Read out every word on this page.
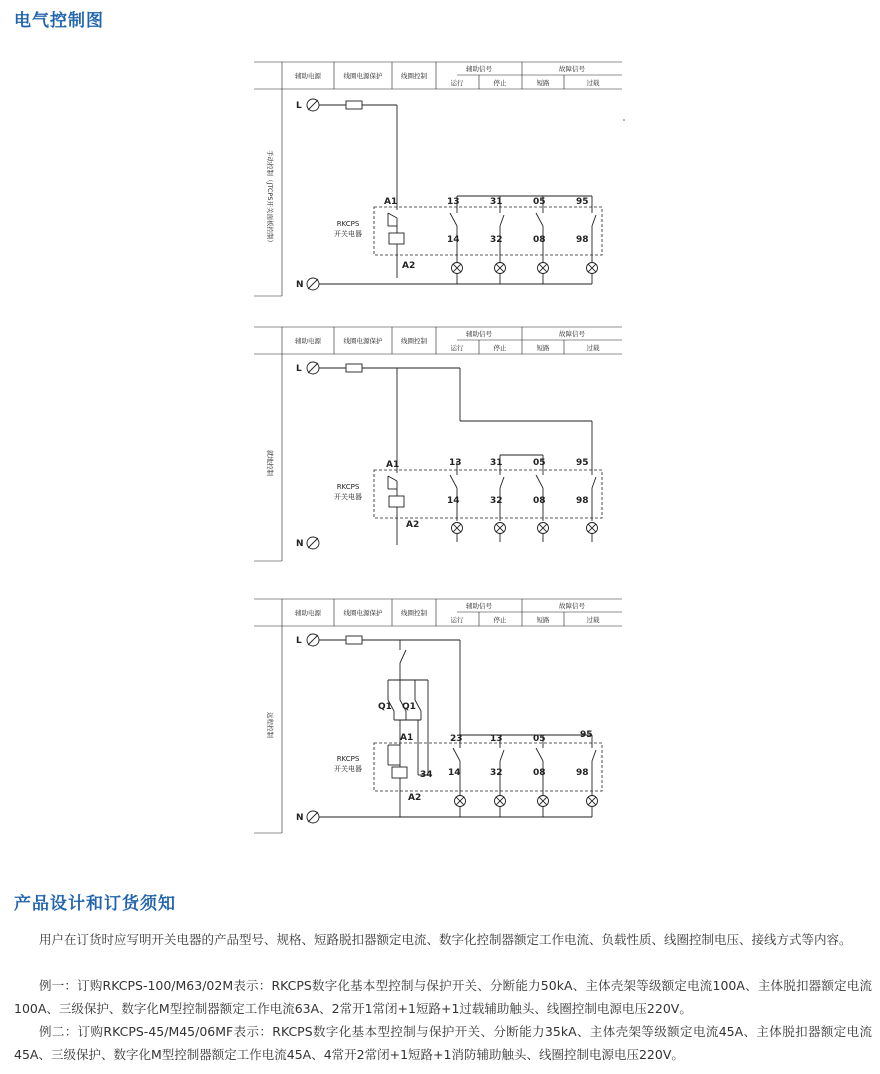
电气控制图
辅助电源	线圈电源保护	线圈控制
辅助信号	故障信号
运行	停止	短路	过载
手动控制（JTCPS开关面板控制）
L
RKCPS
开关电器
A1
A2
13	31	05	95
14	32	08	98
N
辅助电源	线圈电源保护	线圈控制
辅助信号	故障信号
运行	停止	短路	过载
就地控制
L
RKCPS
开关电器
A1
A2
13	31	05	95
14	32	08	98
N
辅助电源	线圈电源保护	线圈控制
辅助信号	故障信号
运行	停止	短路	过载
远程控制
L
Q1 Q1
RKCPS
开关电器
A1
A2
34
23	13	05	95
14	32	08	98
N
产品设计和订货须知

用户在订货时应写明开关电器的产品型号、规格、短路脱扣器额定电流、数字化控制器额定工作电流、负载性质、线圈控制电压、接线方式等内容。

例一：订购RKCPS-100/M63/02M表示：RKCPS数字化基本型控制与保护开关、分断能力50kA、主体壳架等级额定电流100A、主体脱扣器额定电流100A、三级保护、数字化M型控制器额定工作电流63A、2常开1常闭+1短路+1过载辅助触头、线圈控制电源电压220V。

例二：订购RKCPS-45/M45/06MF表示：RKCPS数字化基本型控制与保护开关、分断能力35kA、主体壳架等级额定电流45A、主体脱扣器额定电流45A、三级保护、数字化M型控制器额定工作电流45A、4常开2常闭+1短路+1消防辅助触头、线圈控制电源电压220V。
